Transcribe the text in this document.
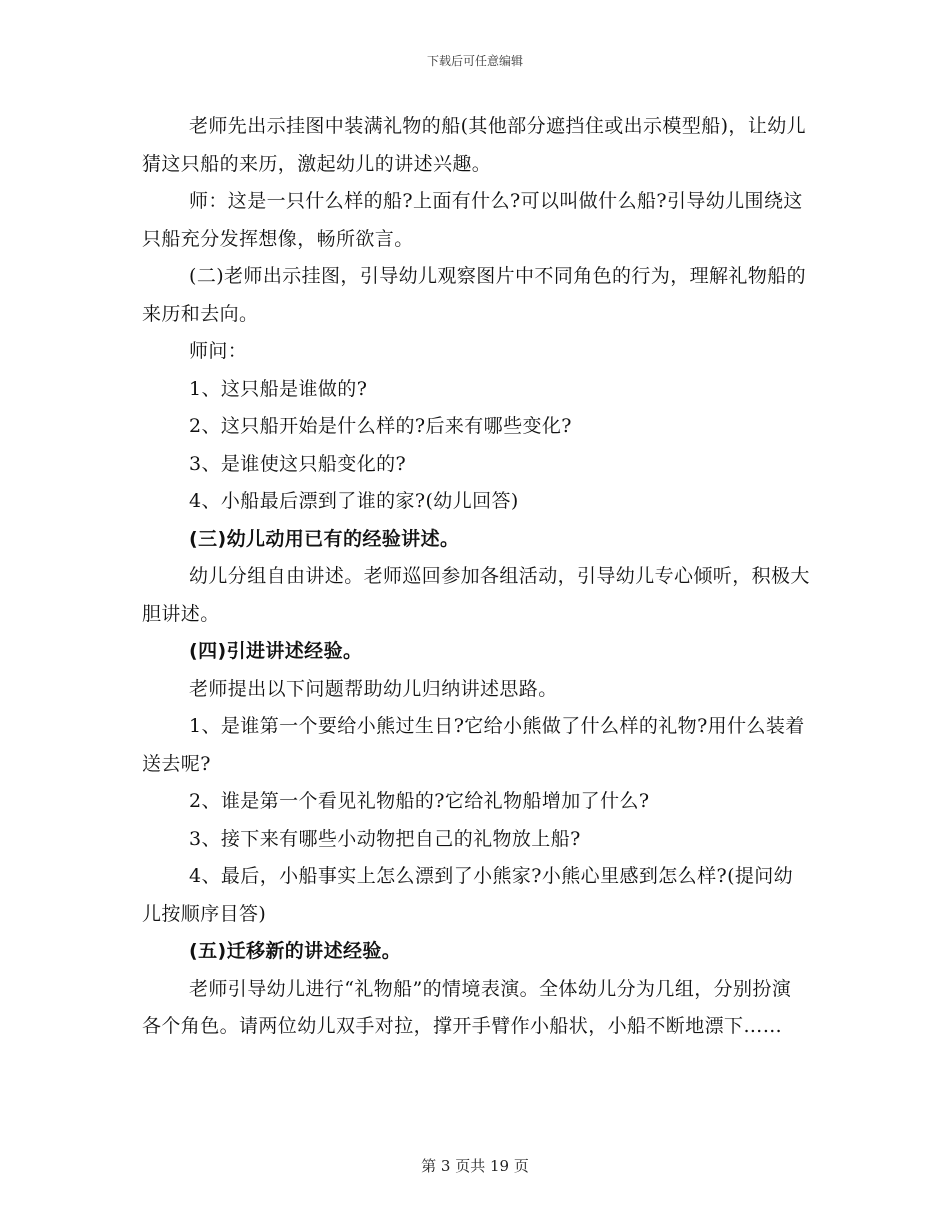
下载后可任意编辑

老师先出示挂图中装满礼物的船(其他部分遮挡住或出示模型船)，让幼儿猜这只船的来历，激起幼儿的讲述兴趣。

师：这是一只什么样的船?上面有什么?可以叫做什么船?引导幼儿围绕这只船充分发挥想像，畅所欲言。

(二)老师出示挂图，引导幼儿观察图片中不同角色的行为，理解礼物船的来历和去向。

师问：

1、这只船是谁做的?

2、这只船开始是什么样的?后来有哪些变化?

3、是谁使这只船变化的?

4、小船最后漂到了谁的家?(幼儿回答)

(三)幼儿动用已有的经验讲述。

幼儿分组自由讲述。老师巡回参加各组活动，引导幼儿专心倾听，积极大胆讲述。

(四)引进讲述经验。

老师提出以下问题帮助幼儿归纳讲述思路。

1、是谁第一个要给小熊过生日?它给小熊做了什么样的礼物?用什么装着送去呢?

2、谁是第一个看见礼物船的?它给礼物船增加了什么?

3、接下来有哪些小动物把自己的礼物放上船?

4、最后，小船事实上怎么漂到了小熊家?小熊心里感到怎么样?(提问幼儿按顺序目答)

(五)迁移新的讲述经验。

老师引导幼儿进行“礼物船”的情境表演。全体幼儿分为几组，分别扮演各个角色。请两位幼儿双手对拉，撑开手臂作小船状，小船不断地漂下……

第 3 页共 19 页
